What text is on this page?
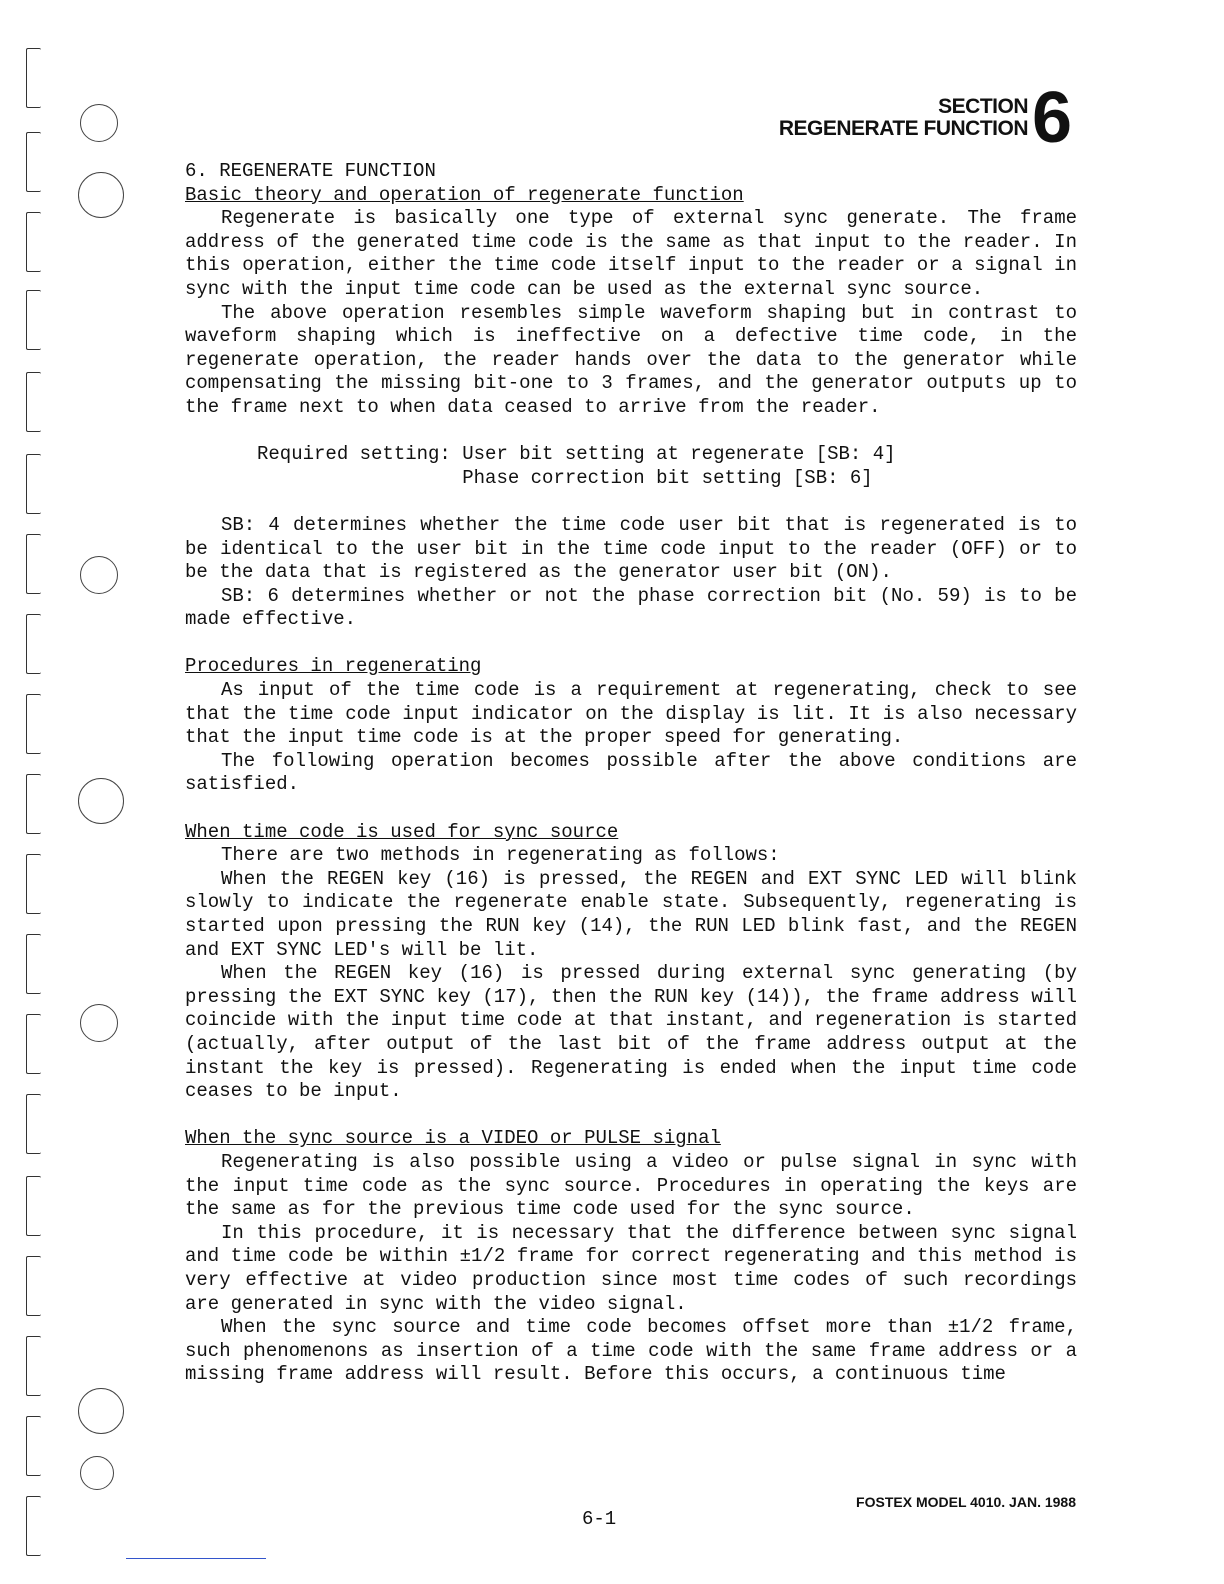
SECTION
REGENERATE FUNCTION 6

6. REGENERATE FUNCTION

Basic theory and operation of regenerate function

Regenerate is basically one type of external sync generate. The frame address of the generated time code is the same as that input to the reader. In this operation, either the time code itself input to the reader or a signal in sync with the input time code can be used as the external sync source.

The above operation resembles simple waveform shaping but in contrast to waveform shaping which is ineffective on a defective time code, in the regenerate operation, the reader hands over the data to the generator while compensating the missing bit-one to 3 frames, and the generator outputs up to the frame next to when data ceased to arrive from the reader.

Required setting: User bit setting at regenerate [SB: 4]

Phase correction bit setting [SB: 6]

SB: 4 determines whether the time code user bit that is regenerated is to be identical to the user bit in the time code input to the reader (OFF) or to be the data that is registered as the generator user bit (ON).

SB: 6 determines whether or not the phase correction bit (No. 59) is to be made effective.

Procedures in regenerating

As input of the time code is a requirement at regenerating, check to see that the time code input indicator on the display is lit. It is also necessary that the input time code is at the proper speed for generating.

The following operation becomes possible after the above conditions are satisfied.

When time code is used for sync source

There are two methods in regenerating as follows:

When the REGEN key (16) is pressed, the REGEN and EXT SYNC LED will blink slowly to indicate the regenerate enable state. Subsequently, regenerating is started upon pressing the RUN key (14), the RUN LED blink fast, and the REGEN and EXT SYNC LED's will be lit.

When the REGEN key (16) is pressed during external sync generating (by pressing the EXT SYNC key (17), then the RUN key (14)), the frame address will coincide with the input time code at that instant, and regeneration is started (actually, after output of the last bit of the frame address output at the instant the key is pressed). Regenerating is ended when the input time code ceases to be input.

When the sync source is a VIDEO or PULSE signal

Regenerating is also possible using a video or pulse signal in sync with the input time code as the sync source. Procedures in operating the keys are the same as for the previous time code used for the sync source.

In this procedure, it is necessary that the difference between sync signal and time code be within ±1/2 frame for correct regenerating and this method is very effective at video production since most time codes of such recordings are generated in sync with the video signal.

When the sync source and time code becomes offset more than ±1/2 frame, such phenomenons as insertion of a time code with the same frame address or a missing frame address will result. Before this occurs, a continuous time

FOSTEX MODEL 4010. JAN. 1988
6-1
